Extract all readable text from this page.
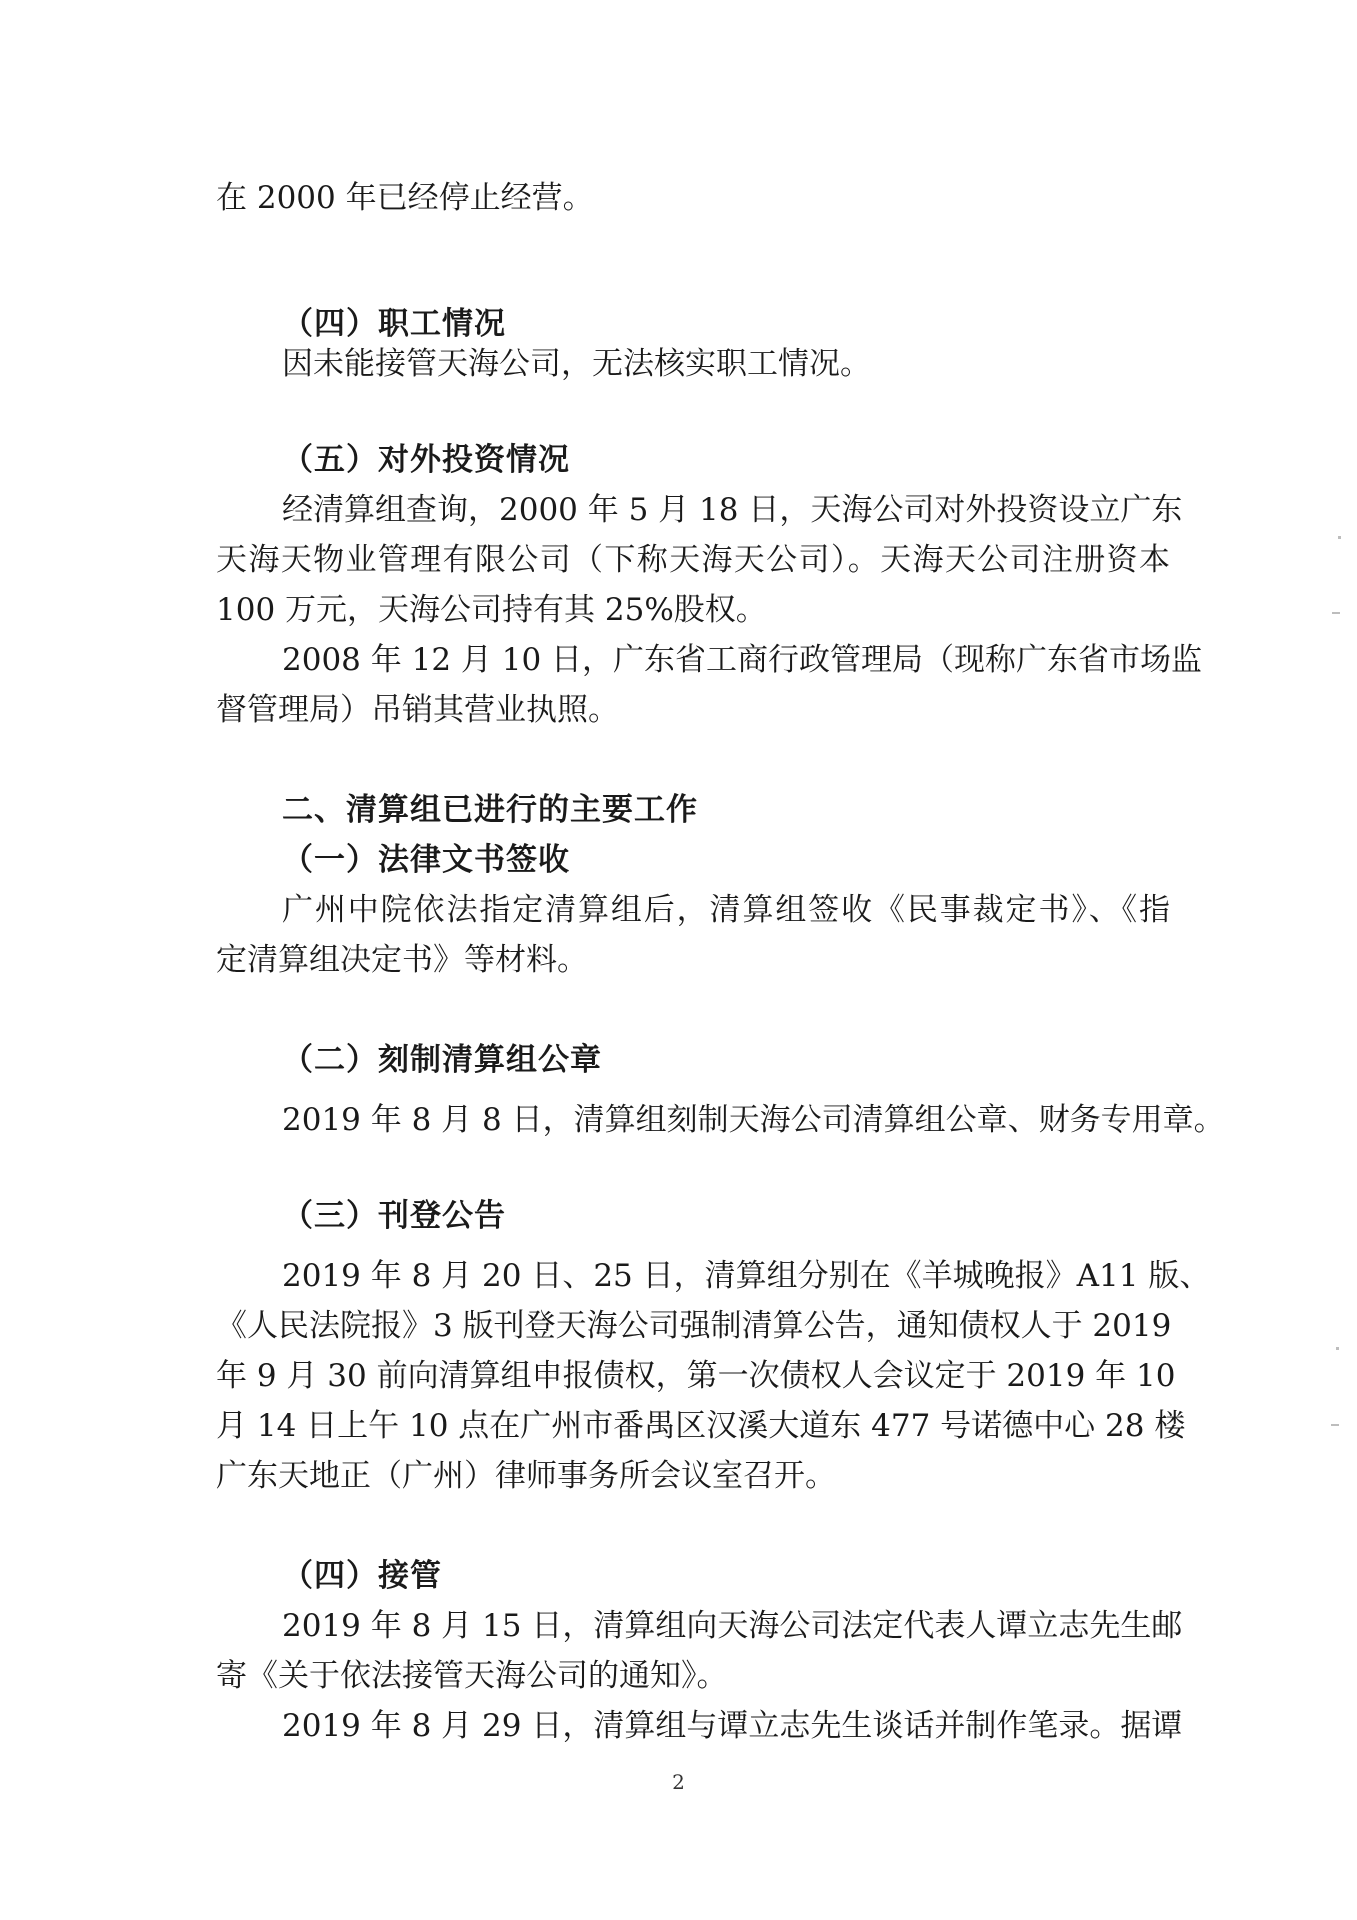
在 2000 年已经停止经营。
（四）职工情况
因未能接管天海公司，无法核实职工情况。
（五）对外投资情况
经清算组查询，2000 年 5 月 18 日，天海公司对外投资设立广东
天海天物业管理有限公司（下称天海天公司）。天海天公司注册资本
100 万元，天海公司持有其 25%股权。
2008 年 12 月 10 日，广东省工商行政管理局（现称广东省市场监
督管理局）吊销其营业执照。
二、清算组已进行的主要工作
（一）法律文书签收
广州中院依法指定清算组后，清算组签收《民事裁定书》、《指
定清算组决定书》等材料。
（二）刻制清算组公章
2019 年 8 月 8 日，清算组刻制天海公司清算组公章、财务专用章。
（三）刊登公告
2019 年 8 月 20 日、25 日，清算组分别在《羊城晚报》A11 版、
《人民法院报》3 版刊登天海公司强制清算公告，通知债权人于 2019
年 9 月 30 前向清算组申报债权，第一次债权人会议定于 2019 年 10
月 14 日上午 10 点在广州市番禺区汉溪大道东 477 号诺德中心 28 楼
广东天地正（广州）律师事务所会议室召开。
（四）接管
2019 年 8 月 15 日，清算组向天海公司法定代表人谭立志先生邮
寄《关于依法接管天海公司的通知》。
2019 年 8 月 29 日，清算组与谭立志先生谈话并制作笔录。据谭
2
